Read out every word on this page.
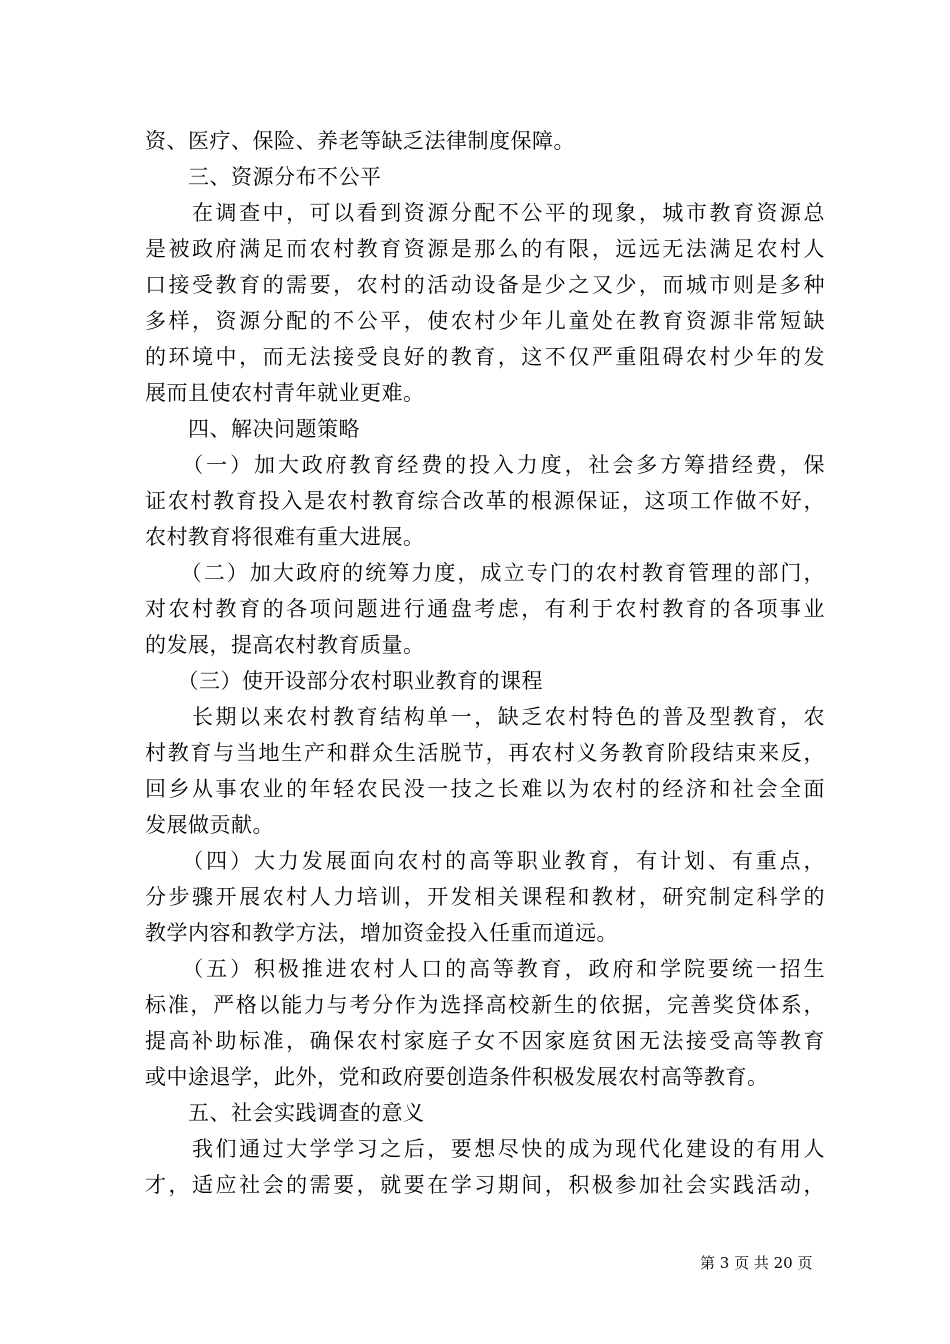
资、医疗、保险、养老等缺乏法律制度保障。
　　三、资源分布不公平
　　在调查中，可以看到资源分配不公平的现象，城市教育资源总
是被政府满足而农村教育资源是那么的有限，远远无法满足农村人
口接受教育的需要，农村的活动设备是少之又少，而城市则是多种
多样，资源分配的不公平，使农村少年儿童处在教育资源非常短缺
的环境中，而无法接受良好的教育，这不仅严重阻碍农村少年的发
展而且使农村青年就业更难。
　　四、解决问题策略
　　（一）加大政府教育经费的投入力度，社会多方筹措经费，保
证农村教育投入是农村教育综合改革的根源保证，这项工作做不好，
农村教育将很难有重大进展。
　　（二）加大政府的统筹力度，成立专门的农村教育管理的部门，
对农村教育的各项问题进行通盘考虑，有利于农村教育的各项事业
的发展，提高农村教育质量。
　　（三）使开设部分农村职业教育的课程
　　长期以来农村教育结构单一，缺乏农村特色的普及型教育，农
村教育与当地生产和群众生活脱节，再农村义务教育阶段结束来反，
回乡从事农业的年轻农民没一技之长难以为农村的经济和社会全面
发展做贡献。
　　（四）大力发展面向农村的高等职业教育，有计划、有重点，
分步骤开展农村人力培训，开发相关课程和教材，研究制定科学的
教学内容和教学方法，增加资金投入任重而道远。
　　（五）积极推进农村人口的高等教育，政府和学院要统一招生
标准，严格以能力与考分作为选择高校新生的依据，完善奖贷体系，
提高补助标准，确保农村家庭子女不因家庭贫困无法接受高等教育
或中途退学，此外，党和政府要创造条件积极发展农村高等教育。
　　五、社会实践调查的意义
　　我们通过大学学习之后，要想尽快的成为现代化建设的有用人
才，适应社会的需要，就要在学习期间，积极参加社会实践活动，
第 3 页 共 20 页
